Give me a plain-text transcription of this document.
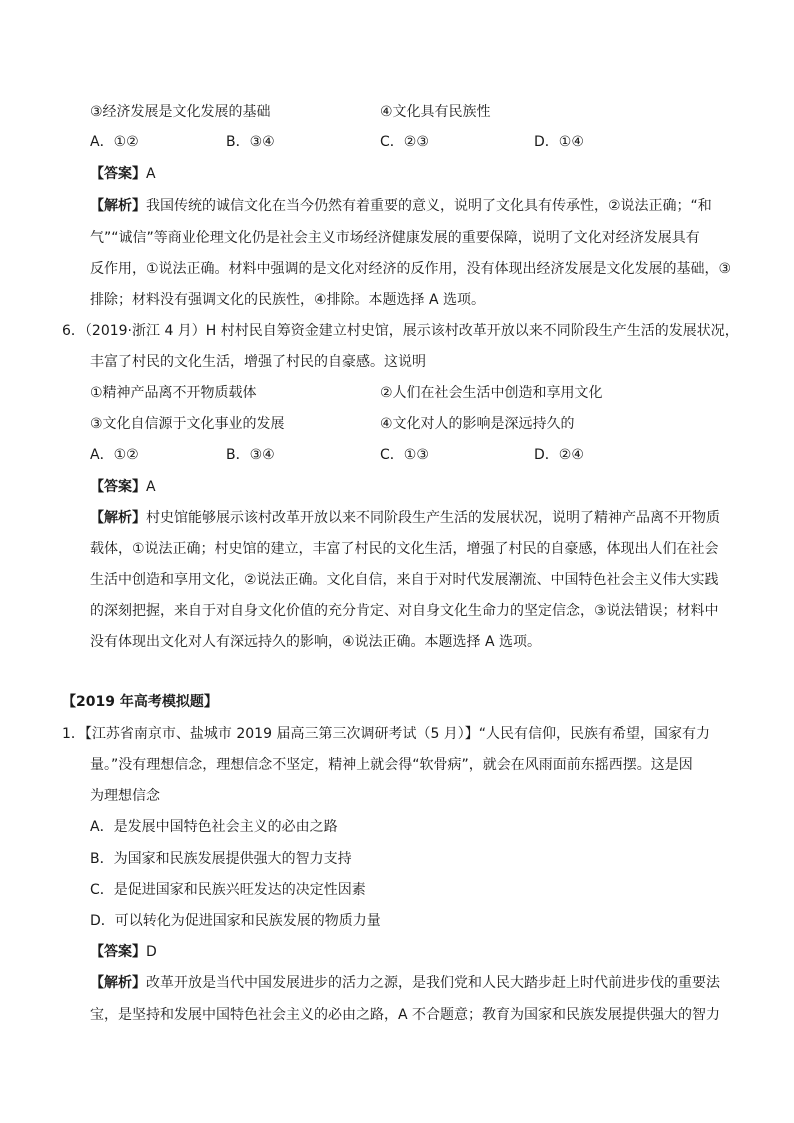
③经济发展是文化发展的基础	④文化具有民族性
A．①②	B．③④	C．②③	D．①④
【答案】A
【解析】我国传统的诚信文化在当今仍然有着重要的意义，说明了文化具有传承性，②说法正确；“和
气”“诚信”等商业伦理文化仍是社会主义市场经济健康发展的重要保障，说明了文化对经济发展具有
反作用，①说法正确。材料中强调的是文化对经济的反作用，没有体现出经济发展是文化发展的基础，③
排除；材料没有强调文化的民族性，④排除。本题选择 A 选项。
6．（2019·浙江 4 月）H 村村民自筹资金建立村史馆，展示该村改革开放以来不同阶段生产生活的发展状况，
丰富了村民的文化生活，增强了村民的自豪感。这说明
①精神产品离不开物质载体	②人们在社会生活中创造和享用文化
③文化自信源于文化事业的发展	④文化对人的影响是深远持久的
A．①②	B．③④	C．①③	D．②④
【答案】A
【解析】村史馆能够展示该村改革开放以来不同阶段生产生活的发展状况，说明了精神产品离不开物质
载体，①说法正确；村史馆的建立，丰富了村民的文化生活，增强了村民的自豪感，体现出人们在社会
生活中创造和享用文化，②说法正确。文化自信，来自于对时代发展潮流、中国特色社会主义伟大实践
的深刻把握，来自于对自身文化价值的充分肯定、对自身文化生命力的坚定信念，③说法错误；材料中
没有体现出文化对人有深远持久的影响，④说法正确。本题选择 A 选项。
【2019 年高考模拟题】
1．【江苏省南京市、盐城市 2019 届高三第三次调研考试（5 月）】“人民有信仰，民族有希望，国家有力
量。”没有理想信念，理想信念不坚定，精神上就会得“软骨病”，就会在风雨面前东摇西摆。这是因
为理想信念
A．是发展中国特色社会主义的必由之路
B．为国家和民族发展提供强大的智力支持
C．是促进国家和民族兴旺发达的决定性因素
D．可以转化为促进国家和民族发展的物质力量
【答案】D
【解析】改革开放是当代中国发展进步的活力之源，是我们党和人民大踏步赶上时代前进步伐的重要法
宝，是坚持和发展中国特色社会主义的必由之路，A 不合题意；教育为国家和民族发展提供强大的智力
